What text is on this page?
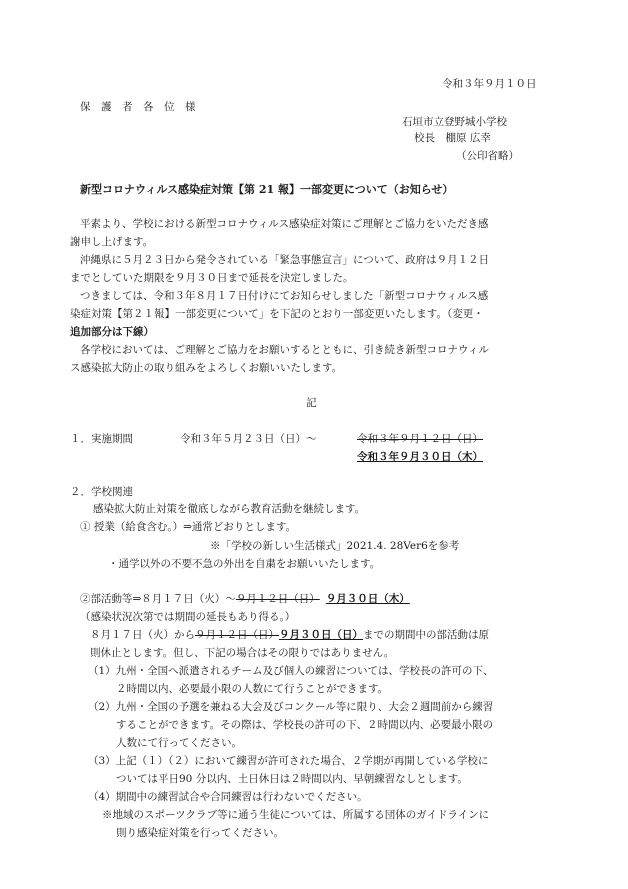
令和３年９月１０日
保　護　者　各　位　様
石垣市立登野城小学校
校長　棚原 広幸
（公印省略）
新型コロナウィルス感染症対策【第 21 報】一部変更について（お知らせ）
平素より、学校における新型コロナウィルス感染症対策にご理解とご協力をいただき感
謝申し上げます。
沖縄県に５月２３日から発令されている「緊急事態宣言」について、政府は９月１２日
までとしていた期限を９月３０日まで延長を決定しました。
つきましては、令和３年８月１７日付けにてお知らせしました「新型コロナウィルス感
染症対策【第２１報】一部変更について」を下記のとおり一部変更いたします。（変更・
追加部分は下線）
各学校においては、ご理解とご協力をお願いするとともに、引き続き新型コロナウィル
ス感染拡大防止の取り組みをよろしくお願いいたします。
記
１．実施期間	令和３年５月２３日（日）～	令和３年９月１２日（日）
令和３年９月３０日（木）
２．学校関連
感染拡大防止対策を徹底しながら教育活動を継続します。
① 授業（給食含む。）⇒通常どおりとします。
※「学校の新しい生活様式」2021.4. 28Ver6を参考
・通学以外の不要不急の外出を自粛をお願いいたします。
②部活動等⇒８月１７日（火）～９月１２日（日） ９月３０日（木）
（感染状況次第では期間の延長もあり得る。）
８月１７日（火）から９月１２日（日）９月３０日（日）までの期間中の部活動は原
則休止とします。但し、下記の場合はその限りではありません。
（1）九州・全国へ派遣されるチーム及び個人の練習については、学校長の許可の下、
２時間以内、必要最小限の人数にて行うことができます。
（2）九州・全国の予選を兼ねる大会及びコンクール等に限り、大会２週間前から練習
することができます。その際は、学校長の許可の下、２時間以内、必要最小限の
人数にて行ってください。
（3）上記（１）（２）において練習が許可された場合、２学期が再開している学校に
ついては平日90 分以内、土日休日は２時間以内、早朝練習なしとします。
（4）期間中の練習試合や合同練習は行わないでください。
※地域のスポーツクラブ等に通う生徒については、所属する団体のガイドラインに
則り感染症対策を行ってください。
